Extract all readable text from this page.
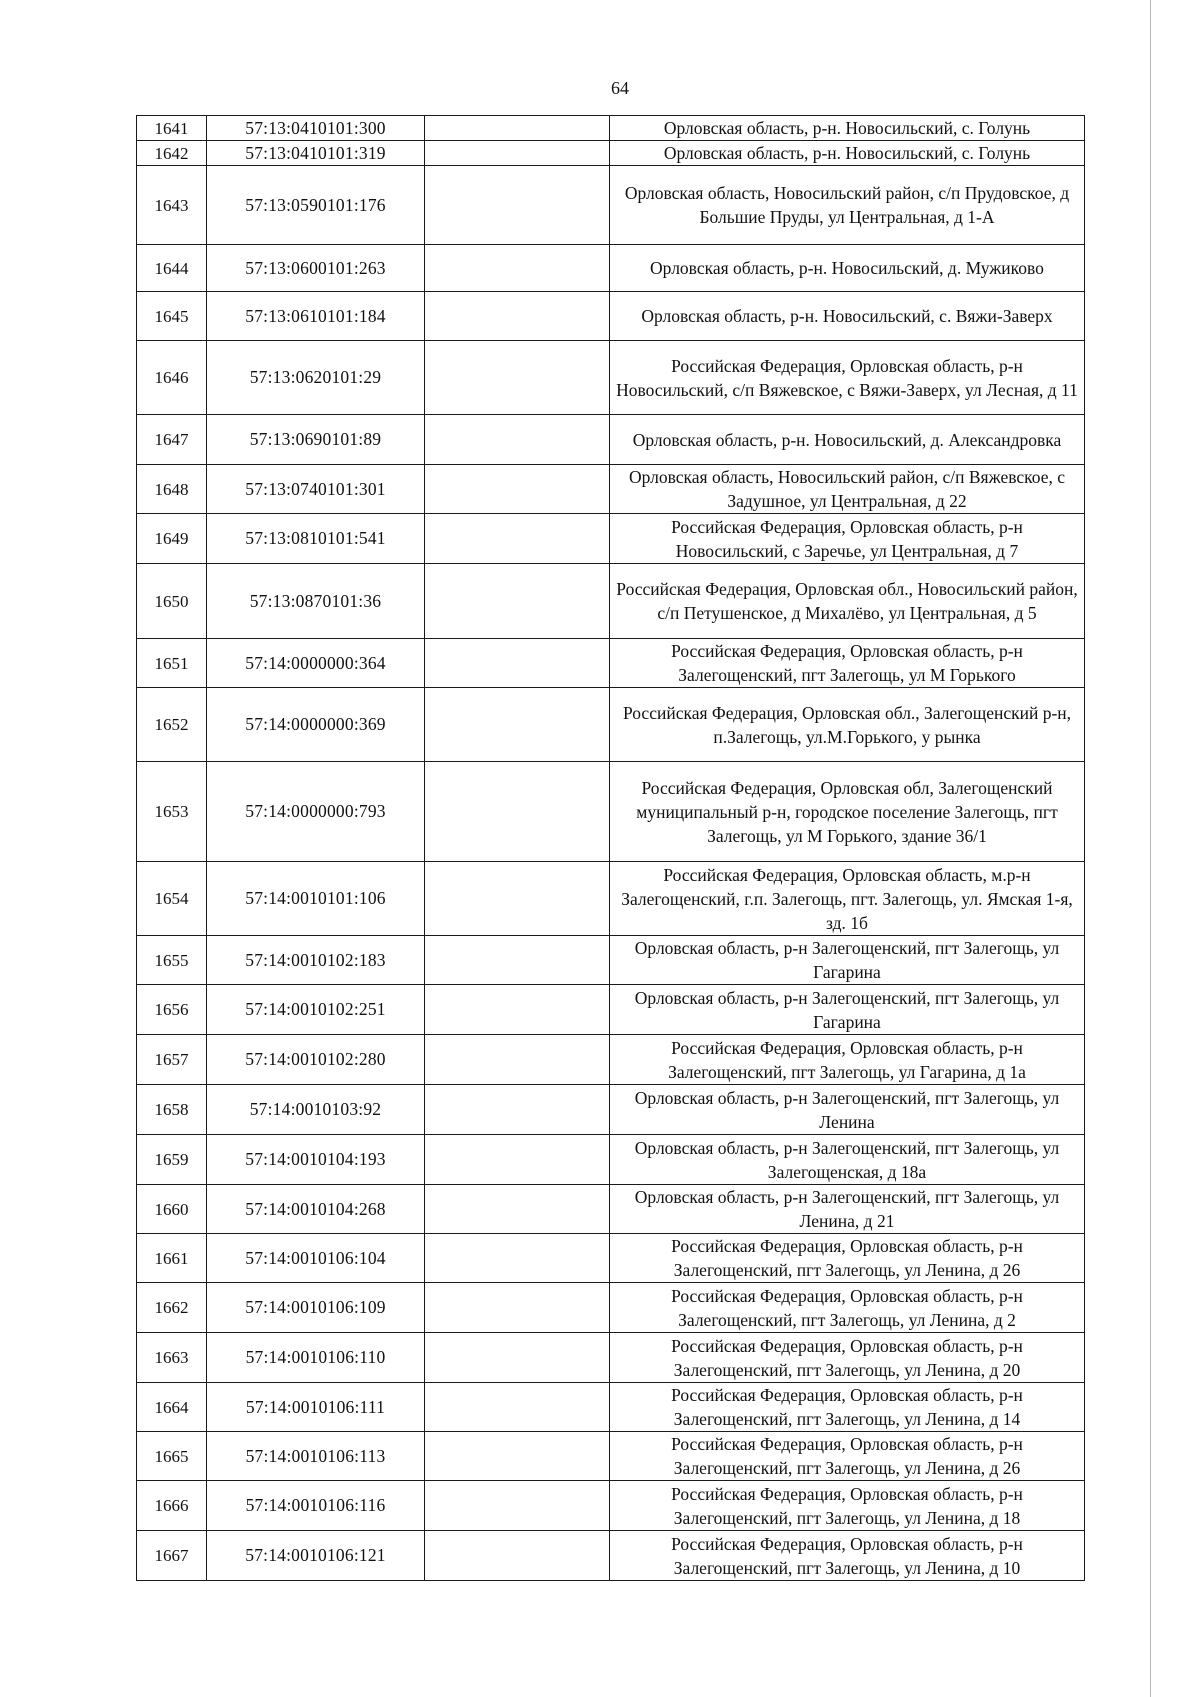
64
1641	57:13:0410101:300		Орловская область, р-н. Новосильский, с. Голунь
1642	57:13:0410101:319		Орловская область, р-н. Новосильский, с. Голунь
1643	57:13:0590101:176		Орловская область, Новосильский район, с/п Прудовское, д Большие Пруды, ул Центральная, д 1-А
1644	57:13:0600101:263		Орловская область, р-н. Новосильский, д. Мужиково
1645	57:13:0610101:184		Орловская область, р-н. Новосильский, с. Вяжи-Заверх
1646	57:13:0620101:29		Российская Федерация, Орловская область, р-н Новосильский, с/п Вяжевское, с Вяжи-Заверх, ул Лесная, д 11
1647	57:13:0690101:89		Орловская область, р-н. Новосильский, д. Александровка
1648	57:13:0740101:301		Орловская область, Новосильский район, с/п Вяжевское, с Задушное, ул Центральная, д 22
1649	57:13:0810101:541		Российская Федерация, Орловская область, р-н Новосильский, с Заречье, ул Центральная, д 7
1650	57:13:0870101:36		Российская Федерация, Орловская обл., Новосильский район, с/п Петушенское, д Михалёво, ул Центральная, д 5
1651	57:14:0000000:364		Российская Федерация, Орловская область, р-н Залегощенский, пгт Залегощь, ул М Горького
1652	57:14:0000000:369		Российская Федерация, Орловская обл., Залегощенский р-н, п.Залегощь, ул.М.Горького, у рынка
1653	57:14:0000000:793		Российская Федерация, Орловская обл, Залегощенский муниципальный р-н, городское поселение Залегощь, пгт Залегощь, ул М Горького, здание 36/1
1654	57:14:0010101:106		Российская Федерация, Орловская область, м.р-н Залегощенский, г.п. Залегощь, пгт. Залегощь, ул. Ямская 1-я, зд. 1б
1655	57:14:0010102:183		Орловская область, р-н Залегощенский, пгт Залегощь, ул Гагарина
1656	57:14:0010102:251		Орловская область, р-н Залегощенский, пгт Залегощь, ул Гагарина
1657	57:14:0010102:280		Российская Федерация, Орловская область, р-н Залегощенский, пгт Залегощь, ул Гагарина, д 1а
1658	57:14:0010103:92		Орловская область, р-н Залегощенский, пгт Залегощь, ул Ленина
1659	57:14:0010104:193		Орловская область, р-н Залегощенский, пгт Залегощь, ул Залегощенская, д 18а
1660	57:14:0010104:268		Орловская область, р-н Залегощенский, пгт Залегощь, ул Ленина, д 21
1661	57:14:0010106:104		Российская Федерация, Орловская область, р-н Залегощенский, пгт Залегощь, ул Ленина, д 26
1662	57:14:0010106:109		Российская Федерация, Орловская область, р-н Залегощенский, пгт Залегощь, ул Ленина, д 2
1663	57:14:0010106:110		Российская Федерация, Орловская область, р-н Залегощенский, пгт Залегощь, ул Ленина, д 20
1664	57:14:0010106:111		Российская Федерация, Орловская область, р-н Залегощенский, пгт Залегощь, ул Ленина, д 14
1665	57:14:0010106:113		Российская Федерация, Орловская область, р-н Залегощенский, пгт Залегощь, ул Ленина, д 26
1666	57:14:0010106:116		Российская Федерация, Орловская область, р-н Залегощенский, пгт Залегощь, ул Ленина, д 18
1667	57:14:0010106:121		Российская Федерация, Орловская область, р-н Залегощенский, пгт Залегощь, ул Ленина, д 10
